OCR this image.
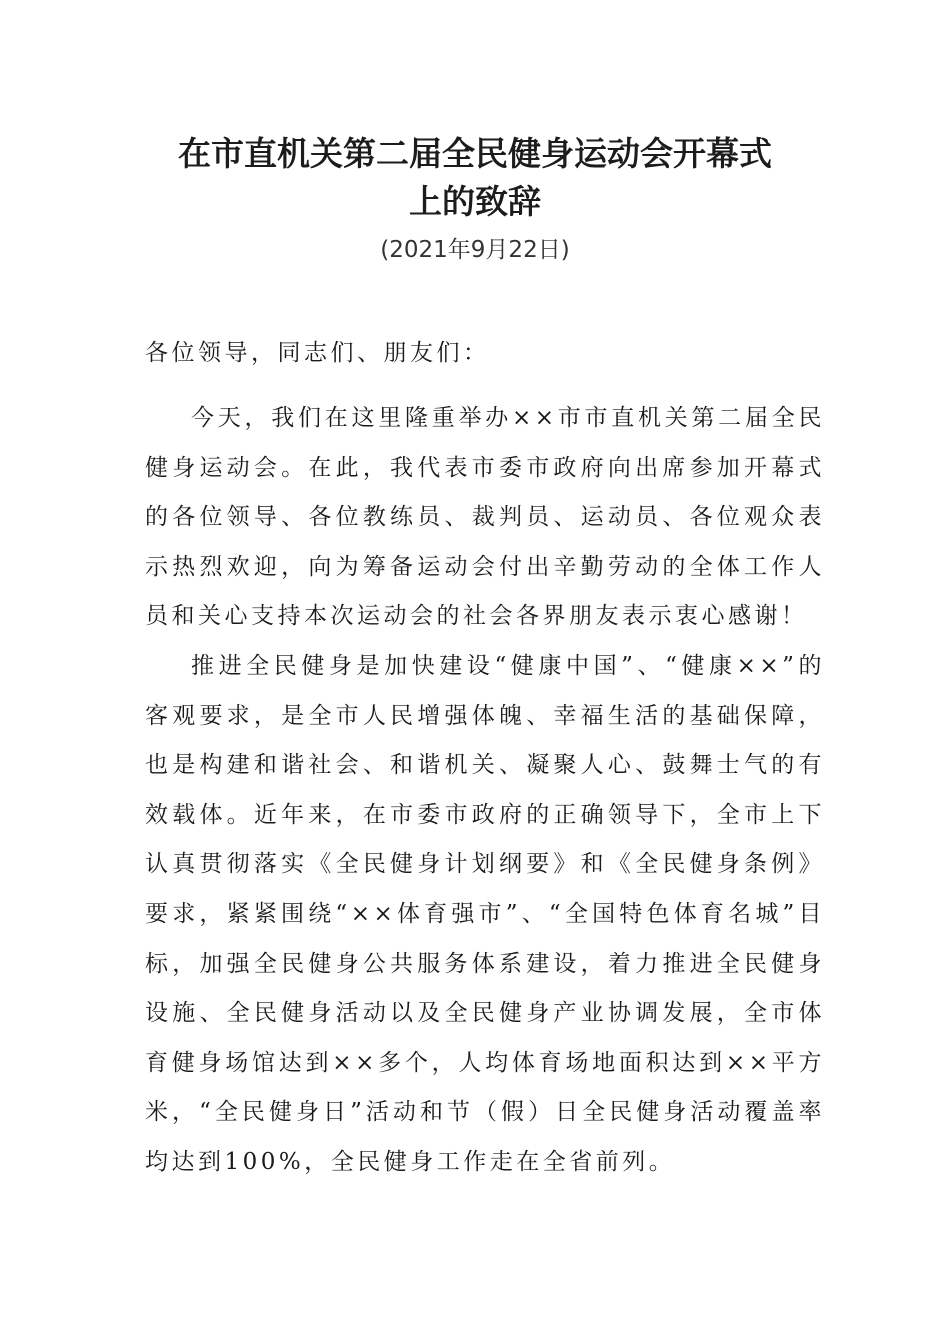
在市直机关第二届全民健身运动会开幕式
上的致辞
(2021年9月22日)
各位领导，同志们、朋友们：

今天，我们在这里隆重举办××市市直机关第二届全民健身运动会。在此，我代表市委市政府向出席参加开幕式的各位领导、各位教练员、裁判员、运动员、各位观众表示热烈欢迎，向为筹备运动会付出辛勤劳动的全体工作人员和关心支持本次运动会的社会各界朋友表示衷心感谢！

推进全民健身是加快建设“健康中国”、“健康××”的客观要求，是全市人民增强体魄、幸福生活的基础保障，也是构建和谐社会、和谐机关、凝聚人心、鼓舞士气的有效载体。近年来，在市委市政府的正确领导下，全市上下认真贯彻落实《全民健身计划纲要》和《全民健身条例》要求，紧紧围绕“××体育强市”、“全国特色体育名城”目标，加强全民健身公共服务体系建设，着力推进全民健身设施、全民健身活动以及全民健身产业协调发展，全市体育健身场馆达到××多个，人均体育场地面积达到××平方米，“全民健身日”活动和节（假）日全民健身活动覆盖率均达到100%，全民健身工作走在全省前列。
